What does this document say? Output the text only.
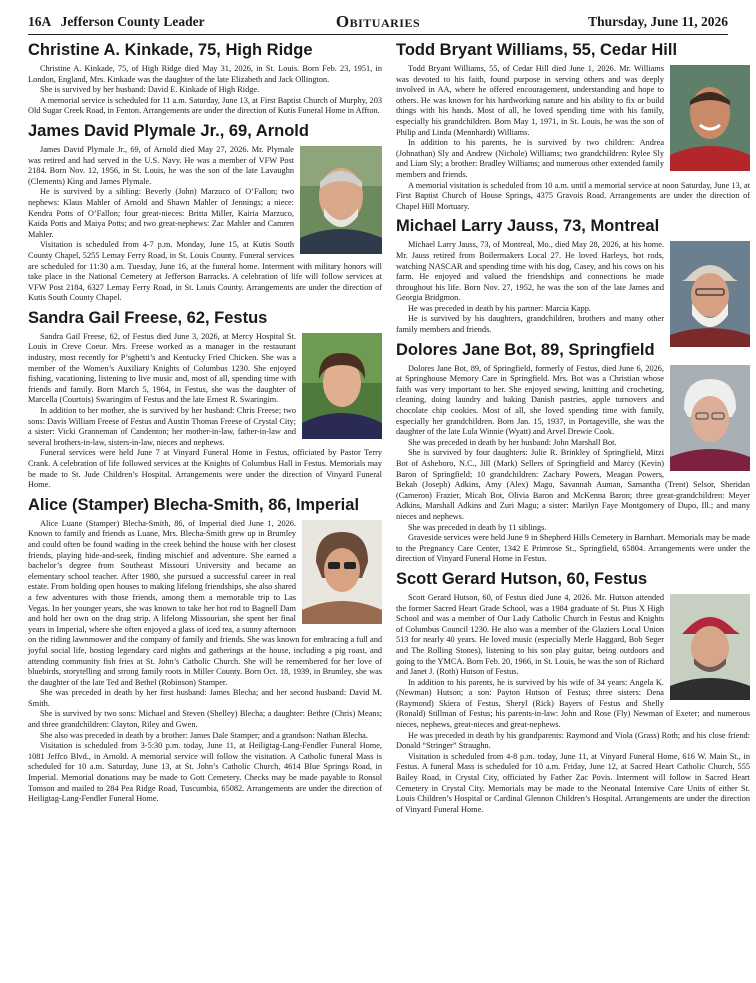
16A Jefferson County Leader	Obituaries	Thursday, June 11, 2026
Christine A. Kinkade, 75, High Ridge

Christine A. Kinkade, 75, of High Ridge died May 31, 2026, in St. Louis. Born Feb. 23, 1951, in London, England, Mrs. Kinkade was the daughter of the late Elizabeth and Jack Ollington.

She is survived by her husband: David E. Kinkade of High Ridge.

A memorial service is scheduled for 11 a.m. Saturday, June 13, at First Baptist Church of Murphy, 203 Old Sugar Creek Road, in Fenton. Arrangements are under the direction of Kutis Funeral Home in Affton.

James David Plymale Jr., 69, Arnold

James David Plymale Jr., 69, of Arnold died May 27, 2026. Mr. Plymale was retired and had served in the U.S. Navy. He was a member of VFW Post 2184. Born Nov. 12, 1956, in St. Louis, he was the son of the late Lavaughn (Clements) King and James Plymale.

He is survived by a sibling: Beverly (John) Marzuco of O’Fallon; two nephews: Klaus Mahler of Arnold and Shawn Mahler of Jennings; a niece: Kendra Potts of O’Fallon; four great-nieces: Britta Miller, Kairia Marzuco, Kaida Potts and Maiya Potts; and two great-nephews: Zac Mahler and Camren Mahler.

Visitation is scheduled from 4-7 p.m. Monday, June 15, at Kutis South County Chapel, 5255 Lemay Ferry Road, in St. Louis County. Funeral services are scheduled for 11:30 a.m. Tuesday, June 16, at the funeral home. Interment with military honors will take place in the National Cemetery at Jefferson Barracks. A celebration of life will follow services at VFW Post 2184, 6327 Lemay Ferry Road, in St. Louis County. Arrangements are under the direction of Kutis South County Chapel.

Sandra Gail Freese, 62, Festus

Sandra Gail Freese, 62, of Festus died June 3, 2026, at Mercy Hospital St. Louis in Creve Coeur. Mrs. Freese worked as a manager in the restaurant industry, most recently for P’sghetti’s and Kentucky Fried Chicken. She was a member of the Women’s Auxiliary Knights of Columbus 1230. She enjoyed fishing, vacationing, listening to live music and, most of all, spending time with friends and family. Born March 5, 1964, in Festus, she was the daughter of Marcella (Courtois) Swaringim of Festus and the late Ernest R. Swaringim.

In addition to her mother, she is survived by her husband: Chris Freese; two sons: Davis William Freese of Festus and Austin Thomas Freese of Crystal City; a sister: Vicki Granneman of Candenton; her mother-in-law, father-in-law and several brothers-in-law, sisters-in-law, nieces and nephews.

Funeral services were held June 7 at Vinyard Funeral Home in Festus, officiated by Pastor Terry Crank. A celebration of life followed services at the Knights of Columbus Hall in Festus. Memorials may be made to St. Jude Children’s Hospital. Arrangements were under the direction of Vinyard Funeral Home.

Alice (Stamper) Blecha-Smith, 86, Imperial

Alice Luane (Stamper) Blecha-Smith, 86, of Imperial died June 1, 2026. Known to family and friends as Luane, Mrs. Blecha-Smith grew up in Brumley and could often be found wading in the creek behind the house with her closest friends, playing hide-and-seek, finding mischief and adventure. She earned a bachelor’s degree from Southeast Missouri University and became an elementary school teacher. After 1980, she pursued a successful career in real estate. From holding open houses to making lifelong friendships, she also shared a few adventures with those friends, among them a memorable trip to Las Vegas. In her younger years, she was known to take her hot rod to Bagnell Dam and hold her own on the drag strip. A lifelong Missourian, she spent her final years in Imperial, where she often enjoyed a glass of iced tea, a sunny afternoon on the riding lawnmower and the company of family and friends. She was known for embracing a full and joyful social life, hosting legendary card nights and gatherings at the house, including a pig roast, and attending community fish fries at St. John’s Catholic Church. She will be remembered for her love of bluebirds, storytelling and strong family roots in Miller County. Born Oct. 18, 1939, in Brumley, she was the daughter of the late Ted and Bethel (Robinson) Stamper.

She was preceded in death by her first husband: James Blecha; and her second husband: David M. Smith.

She is survived by two sons: Michael and Steven (Shelley) Blecha; a daughter: Bethre (Chris) Means; and three grandchildren: Clayton, Riley and Gwen.

She also was preceded in death by a brother: James Dale Stamper; and a grandson: Nathan Blecha.

Visitation is scheduled from 3-5:30 p.m. today, June 11, at Heiligtag-Lang-Fendler Funeral Home, 1081 Jeffco Blvd., in Arnold. A memorial service will follow the visitation. A Catholic funeral Mass is scheduled for 10 a.m. Saturday, June 13, at St. John’s Catholic Church, 4614 Blue Springs Road, in Imperial. Memorial donations may be made to Gott Cemetery. Checks may be made payable to Ronsol Tomson and mailed to 284 Pea Ridge Road, Tuscumbia, 65082. Arrangements are under the direction of Heiligtag-Lang-Fendler Funeral Home.

Todd Bryant Williams, 55, Cedar Hill

Todd Bryant Williams, 55, of Cedar Hill died June 1, 2026. Mr. Williams was devoted to his faith, found purpose in serving others and was deeply involved in AA, where he offered encouragement, understanding and hope to others. He was known for his hardworking nature and his ability to fix or build things with his hands. Most of all, he loved spending time with his family, especially his grandchildren. Born May 1, 1971, in St. Louis, he was the son of Philip and Linda (Mennhardt) Williams.

In addition to his parents, he is survived by two children: Andrea (Johnathan) Sly and Andrew (Nichole) Williams; two grandchildren: Rylee Sly and Liam Sly; a brother: Bradley Williams; and numerous other extended family members and friends.

A memorial visitation is scheduled from 10 a.m. until a memorial service at noon Saturday, June 13, at First Baptist Church of House Springs, 4375 Gravois Road. Arrangements are under the direction of Chapel Hill Mortuary.

Michael Larry Jauss, 73, Montreal

Michael Larry Jauss, 73, of Montreal, Mo., died May 28, 2026, at his home. Mr. Jauss retired from Boilermakers Local 27. He loved Harleys, hot rods, watching NASCAR and spending time with his dog, Casey, and his cows on his farm. He enjoyed and valued the friendships and connections he made throughout his life. Born Nov. 27, 1952, he was the son of the late James and Georgia Bridgmon.

He was preceded in death by his partner: Marcia Kapp.

He is survived by his daughters, grandchildren, brothers and many other family members and friends.

Dolores Jane Bot, 89, Springfield

Dolores Jane Bot, 89, of Springfield, formerly of Festus, died June 6, 2026, at Springhouse Memory Care in Springfield. Mrs. Bot was a Christian whose faith was very important to her. She enjoyed sewing, knitting and crocheting, cleaning, doing laundry and baking Danish pastries, apple turnovers and chocolate chip cookies. Most of all, she loved spending time with family, especially her grandchildren. Born Jan. 15, 1937, in Portageville, she was the daughter of the late Lula Winnie (Wyatt) and Arvel Drewie Cook.

She was preceded in death by her husband: John Marshall Bot.

She is survived by four daughters: Julie R. Brinkley of Springfield, Mitzi Bot of Asheboro, N.C., Jill (Mark) Sellers of Springfield and Marcy (Kevin) Baron of Springfield; 10 grandchildren: Zachary Powers, Meagan Powers, Bekah (Joseph) Adkins, Amy (Alex) Magu, Savannah Auman, Samantha (Trent) Selsor, Sheridan (Cameron) Frazier, Micah Bot, Olivia Baron and McKenna Baron; three great-grandchildren: Meyer Adkins, Marshall Adkins and Zuri Magu; a sister: Marilyn Faye Montgomery of Dupo, Ill.; and many nieces and nephews.

She was preceded in death by 11 siblings.

Graveside services were held June 9 in Shepherd Hills Cemetery in Barnhart. Memorials may be made to the Pregnancy Care Center, 1342 E Primrose St., Springfield, 65804. Arrangements were under the direction of Vinyard Funeral Home in Festus.

Scott Gerard Hutson, 60, Festus

Scott Gerard Hutson, 60, of Festus died June 4, 2026. Mr. Hutson attended the former Sacred Heart Grade School, was a 1984 graduate of St. Pius X High School and was a member of Our Lady Catholic Church in Festus and Knights of Columbus Council 1230. He also was a member of the Glaziers Local Union 513 for nearly 40 years. He loved music (especially Merle Haggard, Bob Seger and The Rolling Stones), listening to his son play guitar, being outdoors and going to the YMCA. Born Feb. 20, 1966, in St. Louis, he was the son of Richard and Janet J. (Roth) Hutson of Festus.

In addition to his parents, he is survived by his wife of 34 years: Angela K. (Newman) Hutson; a son: Payton Hutson of Festus; three sisters: Dena (Raymond) Skiera of Festus, Sheryl (Rick) Bayers of Festus and Shelly (Ronald) Stillman of Festus; his parents-in-law: John and Rose (Fly) Newman of Exeter; and numerous nieces, nephews, great-nieces and great-nephews.

He was preceded in death by his grandparents: Raymond and Viola (Grass) Roth; and his close friend: Donald “Stringer” Straughn.

Visitation is scheduled from 4-8 p.m. today, June 11, at Vinyard Funeral Home, 616 W. Main St., in Festus. A funeral Mass is scheduled for 10 a.m. Friday, June 12, at Sacred Heart Catholic Church, 555 Bailey Road, in Crystal City, officiated by Father Zac Povis. Interment will follow in Sacred Heart Cemetery in Crystal City. Memorials may be made to the Neonatal Intensive Care Units of either St. Louis Children’s Hospital or Cardinal Glennon Children’s Hospital. Arrangements are under the direction of Vinyard Funeral Home.
